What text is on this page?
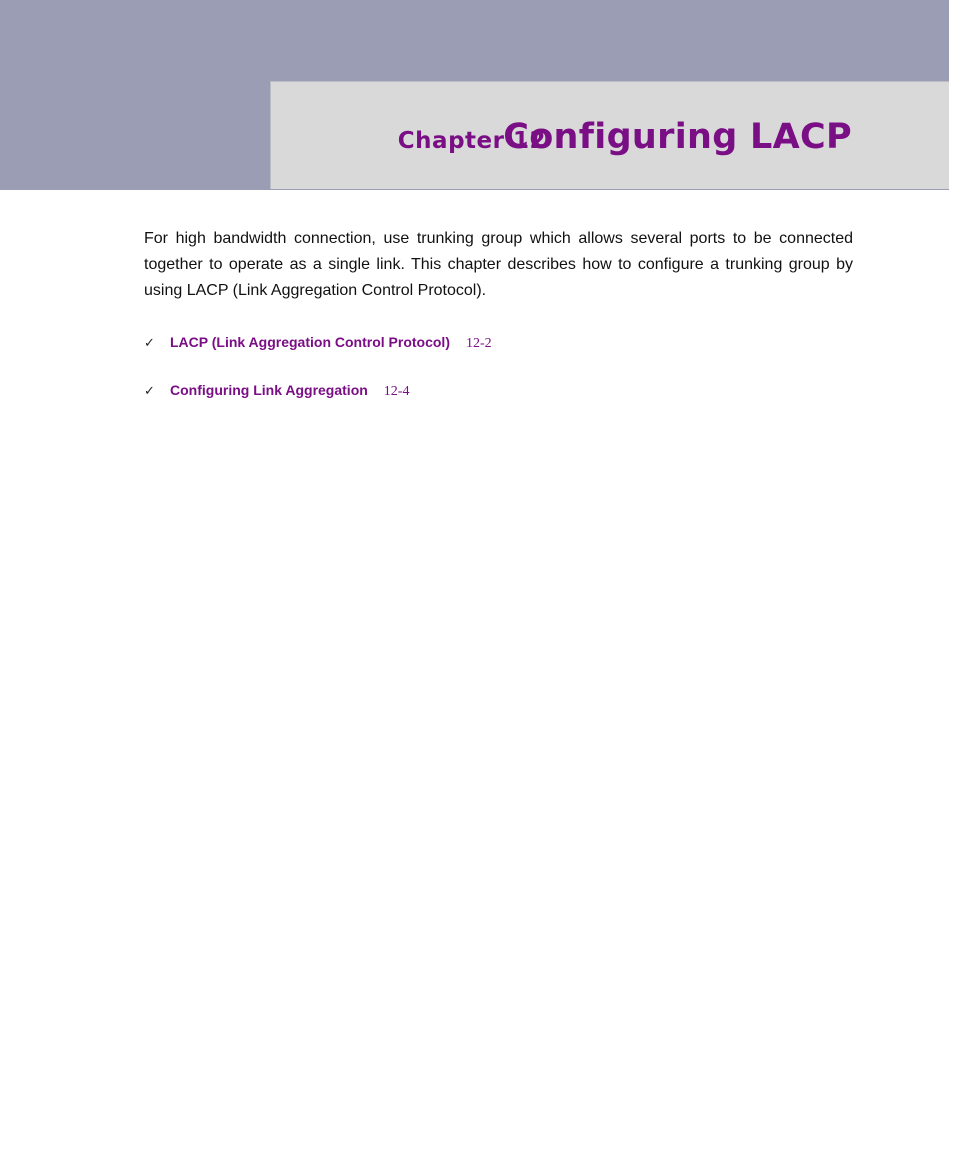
Chapter 12
Configuring LACP

For high bandwidth connection, use trunking group which allows several ports to be connected together to operate as a single link. This chapter describes how to configure a trunking group by using LACP (Link Aggregation Control Protocol).

✓	LACP (Link Aggregation Control Protocol) 12-2
✓	Configuring Link Aggregation 12-4
